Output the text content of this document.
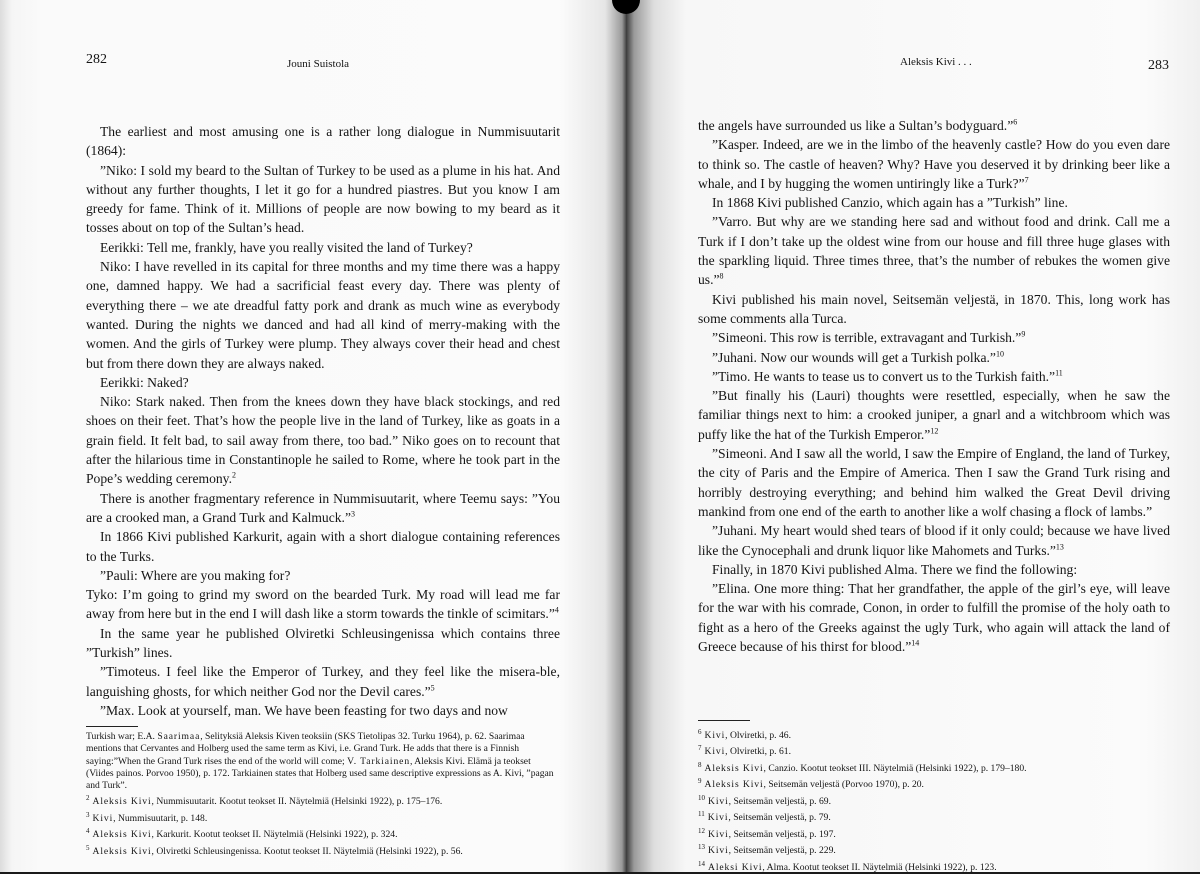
282	Jouni Suistola

The earliest and most amusing one is a rather long dialogue in Nummisuutarit (1864):

”Niko: I sold my beard to the Sultan of Turkey to be used as a plume in his hat. And without any further thoughts, I let it go for a hundred piastres. But you know I am greedy for fame. Think of it. Millions of people are now bowing to my beard as it tosses about on top of the Sultan’s head.

Eerikki: Tell me, frankly, have you really visited the land of Turkey?

Niko: I have revelled in its capital for three months and my time there was a happy one, damned happy. We had a sacrificial feast every day. There was plenty of everything there – we ate dreadful fatty pork and drank as much wine as everybody wanted. During the nights we danced and had all kind of merry-making with the women. And the girls of Turkey were plump. They always cover their head and chest but from there down they are always naked.

Eerikki: Naked?

Niko: Stark naked. Then from the knees down they have black stockings, and red shoes on their feet. That’s how the people live in the land of Turkey, like as goats in a grain field. It felt bad, to sail away from there, too bad.” Niko goes on to recount that after the hilarious time in Constantinople he sailed to Rome, where he took part in the Pope’s wedding ceremony.$^2$

There is another fragmentary reference in Nummisuutarit, where Teemu says: ”You are a crooked man, a Grand Turk and Kalmuck.”$^3$

In 1866 Kivi published Karkurit, again with a short dialogue containing references to the Turks.

”Pauli: Where are you making for?

Tyko: I’m going to grind my sword on the bearded Turk. My road will lead me far away from here but in the end I will dash like a storm towards the tinkle of scimitars.”$^4$

In the same year he published Olviretki Schleusingenissa which contains three ”Turkish” lines.

”Timoteus. I feel like the Emperor of Turkey, and they feel like the misera-ble, languishing ghosts, for which neither God nor the Devil cares.”$^5$

”Max. Look at yourself, man. We have been feasting for two days and now

Turkish war; E.A. Saarimaa, Selityksiä Aleksis Kiven teoksiin (SKS Tietolipas 32. Turku 1964), p. 62. Saarimaa mentions that Cervantes and Holberg used the same term as Kivi, i.e. Grand Turk. He adds that there is a Finnish saying:”When the Grand Turk rises the end of the world will come; V. Tarkiainen, Aleksis Kivi. Elämä ja teokset (Viides painos. Porvoo 1950), p. 172. Tarkiainen states that Holberg used same descriptive expressions as A. Kivi, ”pagan and Turk”.

$^2$ Aleksis Kivi, Nummisuutarit. Kootut teokset II. Näytelmiä (Helsinki 1922), p. 175–176.

$^3$ Kivi, Nummisuutarit, p. 148.

$^4$ Aleksis Kivi, Karkurit. Kootut teokset II. Näytelmiä (Helsinki 1922), p. 324.

$^5$ Aleksis Kivi, Olviretki Schleusingenissa. Kootut teokset II. Näytelmiä (Helsinki 1922), p. 56.

Aleksis Kivi . . .	283

the angels have surrounded us like a Sultan’s bodyguard.”$^6$

”Kasper. Indeed, are we in the limbo of the heavenly castle? How do you even dare to think so. The castle of heaven? Why? Have you deserved it by drinking beer like a whale, and I by hugging the women untiringly like a Turk?”$^7$

In 1868 Kivi published Canzio, which again has a ”Turkish” line.

”Varro. But why are we standing here sad and without food and drink. Call me a Turk if I don’t take up the oldest wine from our house and fill three huge glases with the sparkling liquid. Three times three, that’s the number of rebukes the women give us.”$^8$

Kivi published his main novel, Seitsemän veljestä, in 1870. This, long work has some comments alla Turca.

”Simeoni. This row is terrible, extravagant and Turkish.”$^9$

”Juhani. Now our wounds will get a Turkish polka.”$^{10}$

”Timo. He wants to tease us to convert us to the Turkish faith.”$^{11}$

”But finally his (Lauri) thoughts were resettled, especially, when he saw the familiar things next to him: a crooked juniper, a gnarl and a witchbroom which was puffy like the hat of the Turkish Emperor.”$^{12}$

”Simeoni. And I saw all the world, I saw the Empire of England, the land of Turkey, the city of Paris and the Empire of America. Then I saw the Grand Turk rising and horribly destroying everything; and behind him walked the Great Devil driving mankind from one end of the earth to another like a wolf chasing a flock of lambs.”

”Juhani. My heart would shed tears of blood if it only could; because we have lived like the Cynocephali and drunk liquor like Mahomets and Turks.”$^{13}$

Finally, in 1870 Kivi published Alma. There we find the following:

”Elina. One more thing: That her grandfather, the apple of the girl’s eye, will leave for the war with his comrade, Conon, in order to fulfill the promise of the holy oath to fight as a hero of the Greeks against the ugly Turk, who again will attack the land of Greece because of his thirst for blood.”$^{14}$

$^6$ Kivi, Olviretki, p. 46.

$^7$ Kivi, Olviretki, p. 61.

$^8$ Aleksis Kivi, Canzio. Kootut teokset III. Näytelmiä (Helsinki 1922), p. 179–180.

$^9$ Aleksis Kivi, Seitsemän veljestä (Porvoo 1970), p. 20.

$^{10}$ Kivi, Seitsemän veljestä, p. 69.

$^{11}$ Kivi, Seitsemän veljestä, p. 79.

$^{12}$ Kivi, Seitsemän veljestä, p. 197.

$^{13}$ Kivi, Seitsemän veljestä, p. 229.

$^{14}$ Aleksi Kivi, Alma. Kootut teokset II. Näytelmiä (Helsinki 1922), p. 123.
